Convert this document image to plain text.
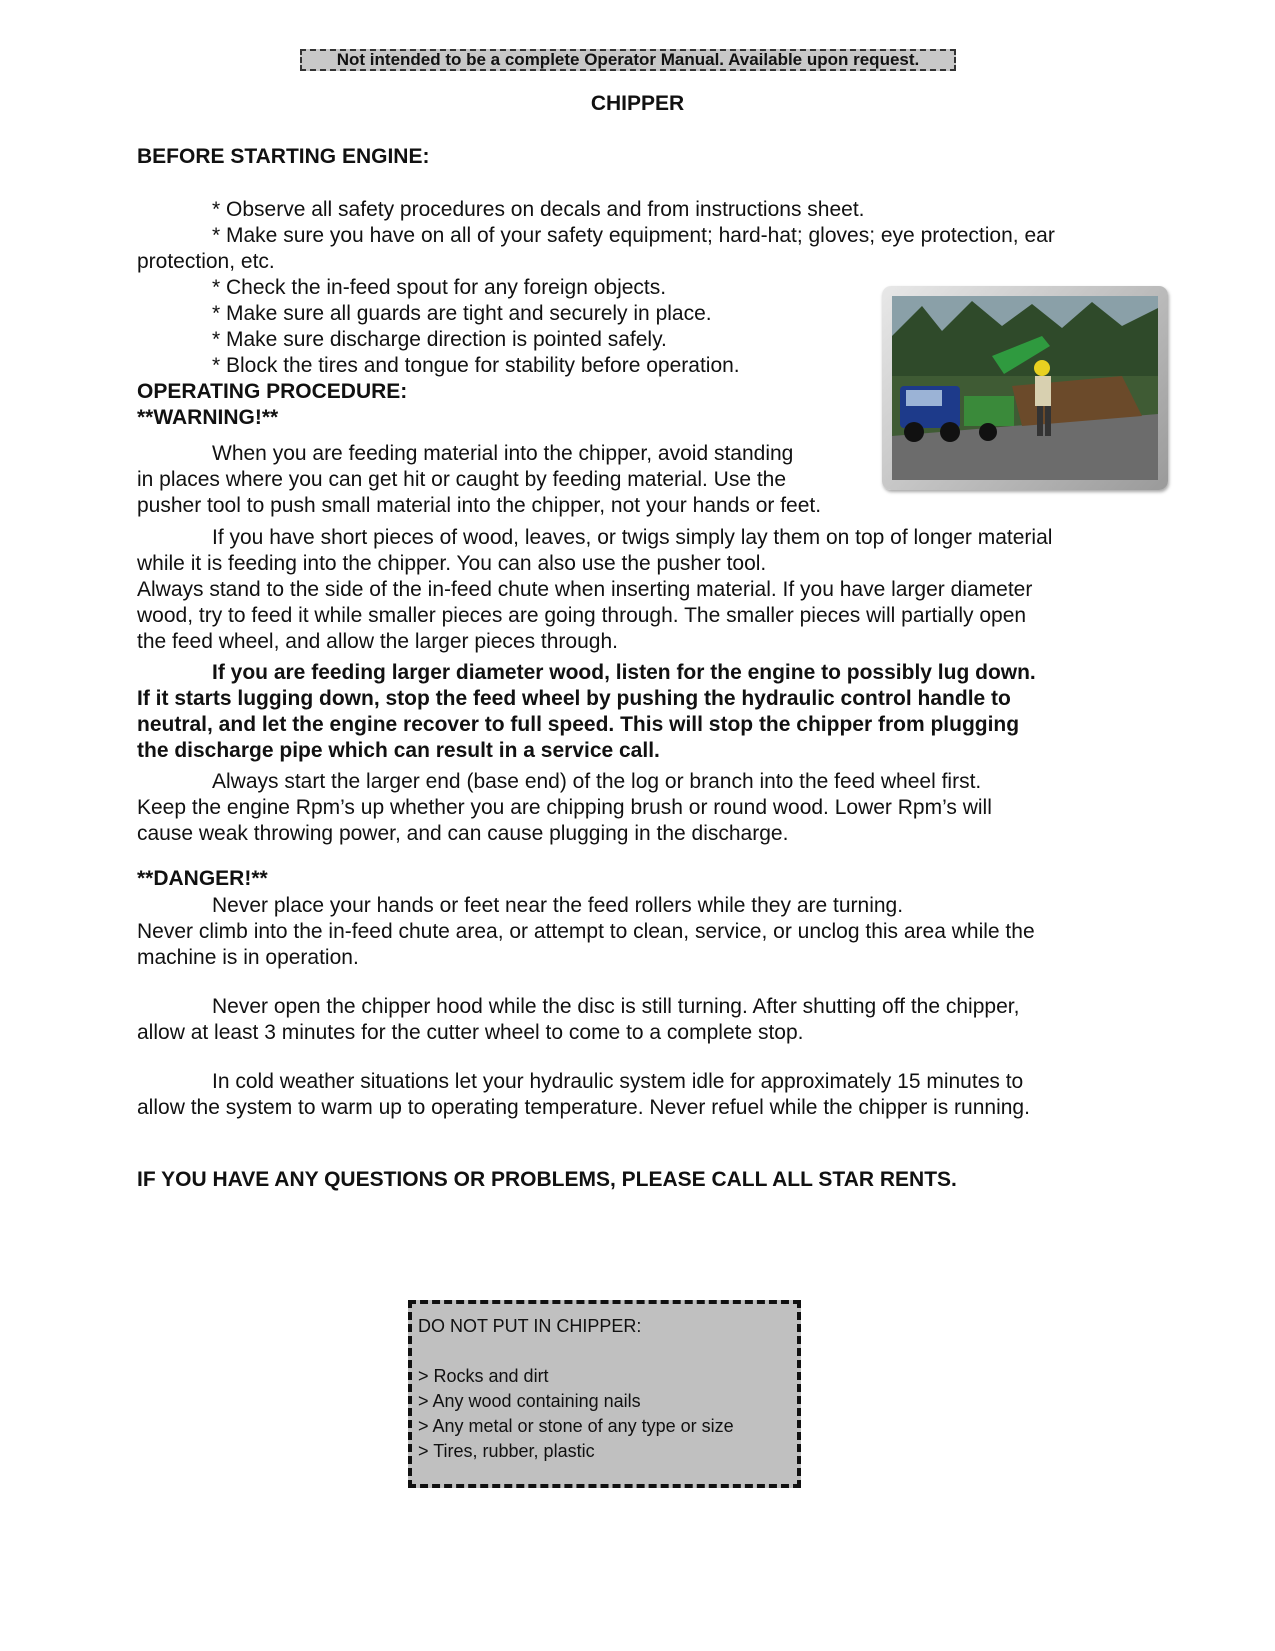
Not intended to be a complete Operator Manual. Available upon request.
CHIPPER
BEFORE STARTING ENGINE:
* Observe all safety procedures on decals and from instructions sheet.
* Make sure you have on all of your safety equipment; hard-hat; gloves; eye protection, ear
protection, etc.
* Check the in-feed spout for any foreign objects.
* Make sure all guards are tight and securely in place.
* Make sure discharge direction is pointed safely.
* Block the tires and tongue for stability before operation.
OPERATING PROCEDURE:
**WARNING!**
When you are feeding material into the chipper, avoid standing
in places where you can get hit or caught by feeding material. Use the
pusher tool to push small material into the chipper, not your hands or feet.
If you have short pieces of wood, leaves, or twigs simply lay them on top of longer material
while it is feeding into the chipper. You can also use the pusher tool.
Always stand to the side of the in-feed chute when inserting material. If you have larger diameter
wood, try to feed it while smaller pieces are going through. The smaller pieces will partially open
the feed wheel, and allow the larger pieces through.
If you are feeding larger diameter wood, listen for the engine to possibly lug down.
If it starts lugging down, stop the feed wheel by pushing the hydraulic control handle to
neutral, and let the engine recover to full speed. This will stop the chipper from plugging
the discharge pipe which can result in a service call.
Always start the larger end (base end) of the log or branch into the feed wheel first.
Keep the engine Rpm’s up whether you are chipping brush or round wood. Lower Rpm’s will
cause weak throwing power, and can cause plugging in the discharge.
**DANGER!**
Never place your hands or feet near the feed rollers while they are turning.
Never climb into the in-feed chute area, or attempt to clean, service, or unclog this area while the
machine is in operation.
Never open the chipper hood while the disc is still turning. After shutting off the chipper,
allow at least 3 minutes for the cutter wheel to come to a complete stop.
In cold weather situations let your hydraulic system idle for approximately 15 minutes to
allow the system to warm up to operating temperature. Never refuel while the chipper is running.
IF YOU HAVE ANY QUESTIONS OR PROBLEMS, PLEASE CALL ALL STAR RENTS.
DO NOT PUT IN CHIPPER:
> Rocks and dirt
> Any wood containing nails
> Any metal or stone of any type or size
> Tires, rubber, plastic
